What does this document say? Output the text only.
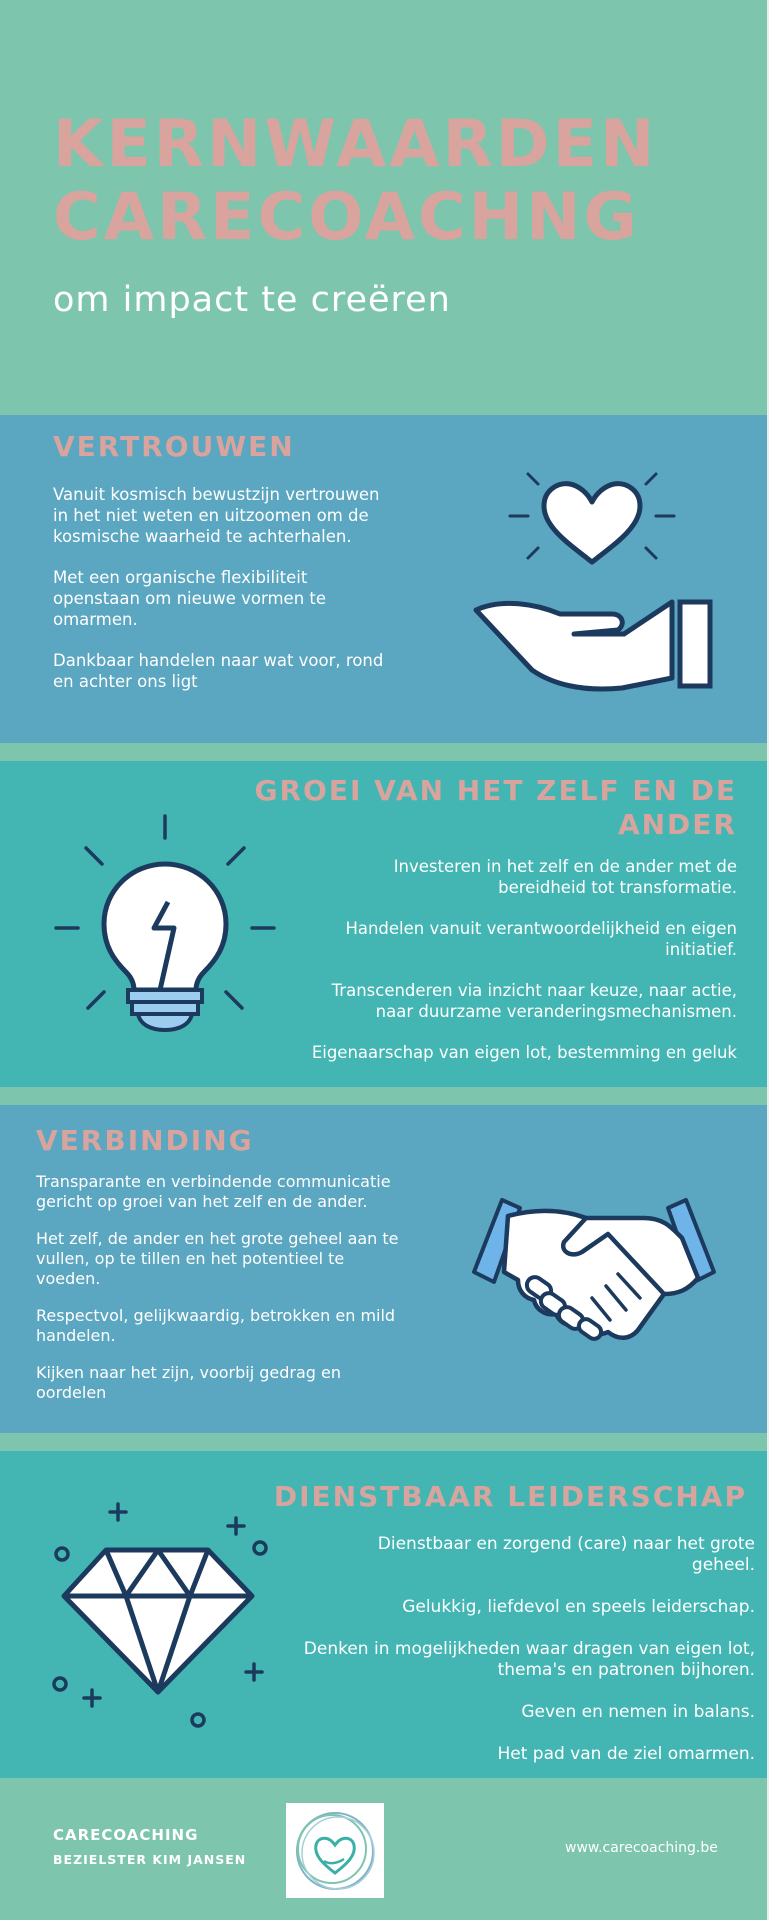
KERNWAARDEN
CARECOACHNG
om impact te creëren
VERTROUWEN

Vanuit kosmisch bewustzijn vertrouwen

in het niet weten en uitzoomen om de

kosmische waarheid te achterhalen.

Met een organische flexibiliteit

openstaan om nieuwe vormen te

omarmen.

Dankbaar handelen naar wat voor, rond

en achter ons ligt

GROEI VAN HET ZELF EN DE
ANDER

Investeren in het zelf en de ander met de

bereidheid tot transformatie.

Handelen vanuit verantwoordelijkheid en eigen

initiatief.

Transcenderen via inzicht naar keuze, naar actie,

naar duurzame veranderingsmechanismen.

Eigenaarschap van eigen lot, bestemming en geluk

VERBINDING

Transparante en verbindende communicatie

gericht op groei van het zelf en de ander.

Het zelf, de ander en het grote geheel aan te

vullen, op te tillen en het potentieel te

voeden.

Respectvol, gelijkwaardig, betrokken en mild

handelen.

Kijken naar het zijn, voorbij gedrag en

oordelen

DIENSTBAAR LEIDERSCHAP

Dienstbaar en zorgend (care) naar het grote

geheel.

Gelukkig, liefdevol en speels leiderschap.

Denken in mogelijkheden waar dragen van eigen lot,

thema's en patronen bijhoren.

Geven en nemen in balans.

Het pad van de ziel omarmen.

CARECOACHING
BEZIELSTER KIM JANSEN
www.carecoaching.be
